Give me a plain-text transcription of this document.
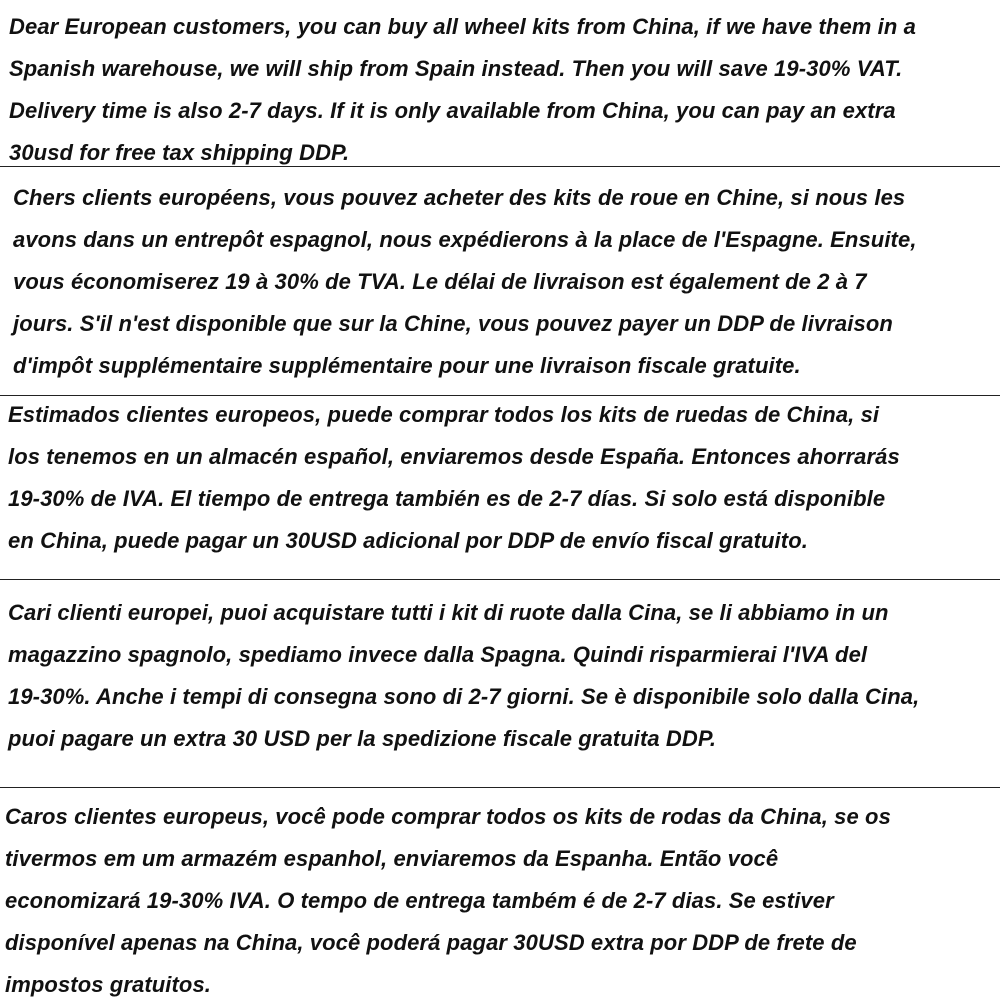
Dear European customers, you can buy all wheel kits from China, if we have them in a
Spanish warehouse, we will ship from Spain instead. Then you will save 19-30% VAT.
Delivery time is also 2-7 days. If it is only available from China, you can pay an extra
30usd for free tax shipping DDP.
Chers clients européens, vous pouvez acheter des kits de roue en Chine, si nous les
avons dans un entrepôt espagnol, nous expédierons à la place de l'Espagne. Ensuite,
vous économiserez 19 à 30% de TVA. Le délai de livraison est également de 2 à 7
jours. S'il n'est disponible que sur la Chine, vous pouvez payer un DDP de livraison
d'impôt supplémentaire supplémentaire pour une livraison fiscale gratuite.
Estimados clientes europeos, puede comprar todos los kits de ruedas de China, si
los tenemos en un almacén español, enviaremos desde España. Entonces ahorrarás
19-30% de IVA. El tiempo de entrega también es de 2-7 días. Si solo está disponible
en China, puede pagar un 30USD adicional por DDP de envío fiscal gratuito.
Cari clienti europei, puoi acquistare tutti i kit di ruote dalla Cina, se li abbiamo in un
magazzino spagnolo, spediamo invece dalla Spagna. Quindi risparmierai l'IVA del
19-30%. Anche i tempi di consegna sono di 2-7 giorni. Se è disponibile solo dalla Cina,
puoi pagare un extra 30 USD per la spedizione fiscale gratuita DDP.
Caros clientes europeus, você pode comprar todos os kits de rodas da China, se os
tivermos em um armazém espanhol, enviaremos da Espanha. Então você
economizará 19-30% IVA. O tempo de entrega também é de 2-7 dias. Se estiver
disponível apenas na China, você poderá pagar 30USD extra por DDP de frete de
impostos gratuitos.
